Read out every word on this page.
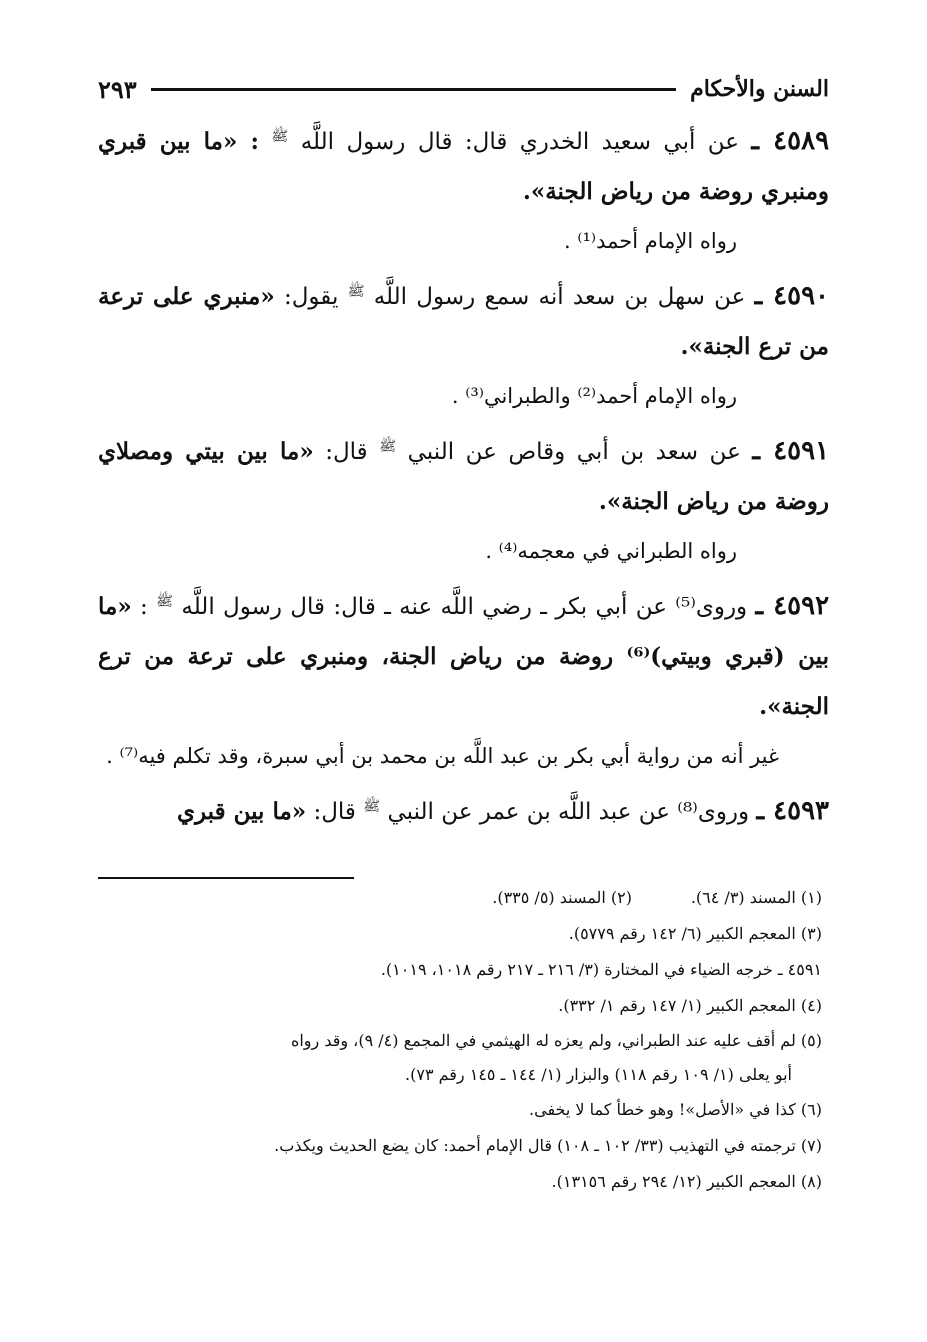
السنن والأحكام
٢٩٣
٤٥٨٩ ـ عن أبي سعيد الخدري قال: قال رسول اللَّه $^ﷺ$ : «ما بين قبري ومنبري روضة من رياض الجنة».
رواه الإمام أحمد⁽¹⁾ .
٤٥٩٠ ـ عن سهل بن سعد أنه سمع رسول اللَّه $^ﷺ$ يقول: «منبري على ترعة من ترع الجنة».
رواه الإمام أحمد⁽²⁾ والطبراني⁽³⁾ .
٤٥٩١ ـ عن سعد بن أبي وقاص عن النبي $^ﷺ$ قال: «ما بين بيتي ومصلاي روضة من رياض الجنة».
رواه الطبراني في معجمه⁽⁴⁾ .
٤٥٩٢ ـ وروى⁽⁵⁾ عن أبي بكر ـ رضي اللَّه عنه ـ قال: قال رسول اللَّه $^ﷺ$ : «ما بين (قبري وبيتي)⁽⁶⁾ روضة من رياض الجنة، ومنبري على ترعة من ترع الجنة».
غير أنه من رواية أبي بكر بن عبد اللَّه بن محمد بن أبي سبرة، وقد تكلم فيه⁽⁷⁾ .
٤٥٩٣ ـ وروى⁽⁸⁾ عن عبد اللَّه بن عمر عن النبي $^ﷺ$ قال: «ما بين قبري
(١) المسند (٣/ ٦٤).
(٢) المسند (٥/ ٣٣٥).
(٣) المعجم الكبير (٦/ ١٤٢ رقم ٥٧٧٩).
٤٥٩١ ـ خرجه الضياء في المختارة (٣/ ٢١٦ ـ ٢١٧ رقم ١٠١٨، ١٠١٩).
(٤) المعجم الكبير (١/ ١٤٧ رقم ١/ ٣٣٢).
(٥) لم أقف عليه عند الطبراني، ولم يعزه له الهيثمي في المجمع (٤/ ٩)، وقد رواه
أبو يعلى (١/ ١٠٩ رقم ١١٨) والبزار (١/ ١٤٤ ـ ١٤٥ رقم ٧٣).
(٦) كذا في «الأصل»! وهو خطأ كما لا يخفى.
(٧) ترجمته في التهذيب (٣٣/ ١٠٢ ـ ١٠٨) قال الإمام أحمد: كان يضع الحديث ويكذب.
(٨) المعجم الكبير (١٢/ ٢٩٤ رقم ١٣١٥٦).
